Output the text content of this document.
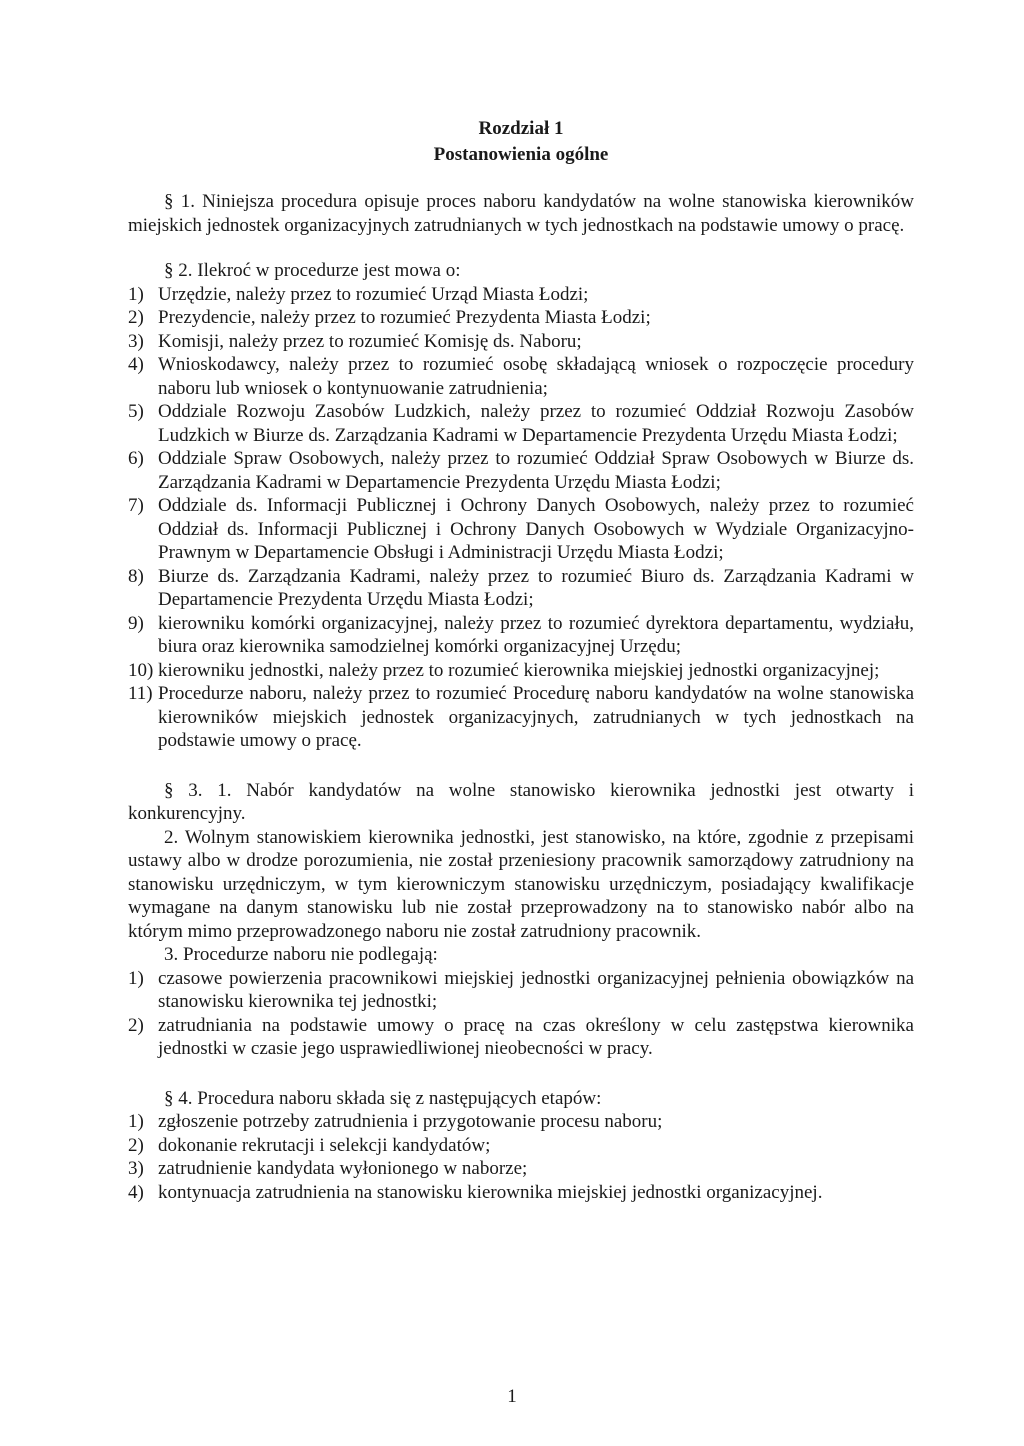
Rozdział 1
Postanowienia ogólne
§ 1. Niniejsza procedura opisuje proces naboru kandydatów na wolne stanowiska kierowników miejskich jednostek organizacyjnych zatrudnianych w tych jednostkach na podstawie umowy o pracę.
§ 2. Ilekroć w procedurze jest mowa o:
1) Urzędzie, należy przez to rozumieć Urząd Miasta Łodzi;
2) Prezydencie, należy przez to rozumieć Prezydenta Miasta Łodzi;
3) Komisji, należy przez to rozumieć Komisję ds. Naboru;
4) Wnioskodawcy, należy przez to rozumieć osobę składającą wniosek o rozpoczęcie procedury naboru lub wniosek o kontynuowanie zatrudnienia;
5) Oddziale Rozwoju Zasobów Ludzkich, należy przez to rozumieć Oddział Rozwoju Zasobów Ludzkich w Biurze ds. Zarządzania Kadrami w Departamencie Prezydenta Urzędu Miasta Łodzi;
6) Oddziale Spraw Osobowych, należy przez to rozumieć Oddział Spraw Osobowych w Biurze ds. Zarządzania Kadrami w Departamencie Prezydenta Urzędu Miasta Łodzi;
7) Oddziale ds. Informacji Publicznej i Ochrony Danych Osobowych, należy przez to rozumieć Oddział ds. Informacji Publicznej i Ochrony Danych Osobowych w Wydziale Organizacyjno-Prawnym w Departamencie Obsługi i Administracji Urzędu Miasta Łodzi;
8) Biurze ds. Zarządzania Kadrami, należy przez to rozumieć Biuro ds. Zarządzania Kadrami w Departamencie Prezydenta Urzędu Miasta Łodzi;
9) kierowniku komórki organizacyjnej, należy przez to rozumieć dyrektora departamentu, wydziału, biura oraz kierownika samodzielnej komórki organizacyjnej Urzędu;
10) kierowniku jednostki, należy przez to rozumieć kierownika miejskiej jednostki organizacyjnej;
11) Procedurze naboru, należy przez to rozumieć Procedurę naboru kandydatów na wolne stanowiska kierowników miejskich jednostek organizacyjnych, zatrudnianych w tych jednostkach na podstawie umowy o pracę.
§ 3. 1. Nabór kandydatów na wolne stanowisko kierownika jednostki jest otwarty i konkurencyjny.
2. Wolnym stanowiskiem kierownika jednostki, jest stanowisko, na które, zgodnie z przepisami ustawy albo w drodze porozumienia, nie został przeniesiony pracownik samorządowy zatrudniony na stanowisku urzędniczym, w tym kierowniczym stanowisku urzędniczym, posiadający kwalifikacje wymagane na danym stanowisku lub nie został przeprowadzony na to stanowisko nabór albo na którym mimo przeprowadzonego naboru nie został zatrudniony pracownik.
3. Procedurze naboru nie podlegają:
1) czasowe powierzenia pracownikowi miejskiej jednostki organizacyjnej pełnienia obowiązków na stanowisku kierownika tej jednostki;
2) zatrudniania na podstawie umowy o pracę na czas określony w celu zastępstwa kierownika jednostki w czasie jego usprawiedliwionej nieobecności w pracy.
§ 4. Procedura naboru składa się z następujących etapów:
1) zgłoszenie potrzeby zatrudnienia i przygotowanie procesu naboru;
2) dokonanie rekrutacji i selekcji kandydatów;
3) zatrudnienie kandydata wyłonionego w naborze;
4) kontynuacja zatrudnienia na stanowisku kierownika miejskiej jednostki organizacyjnej.
1
